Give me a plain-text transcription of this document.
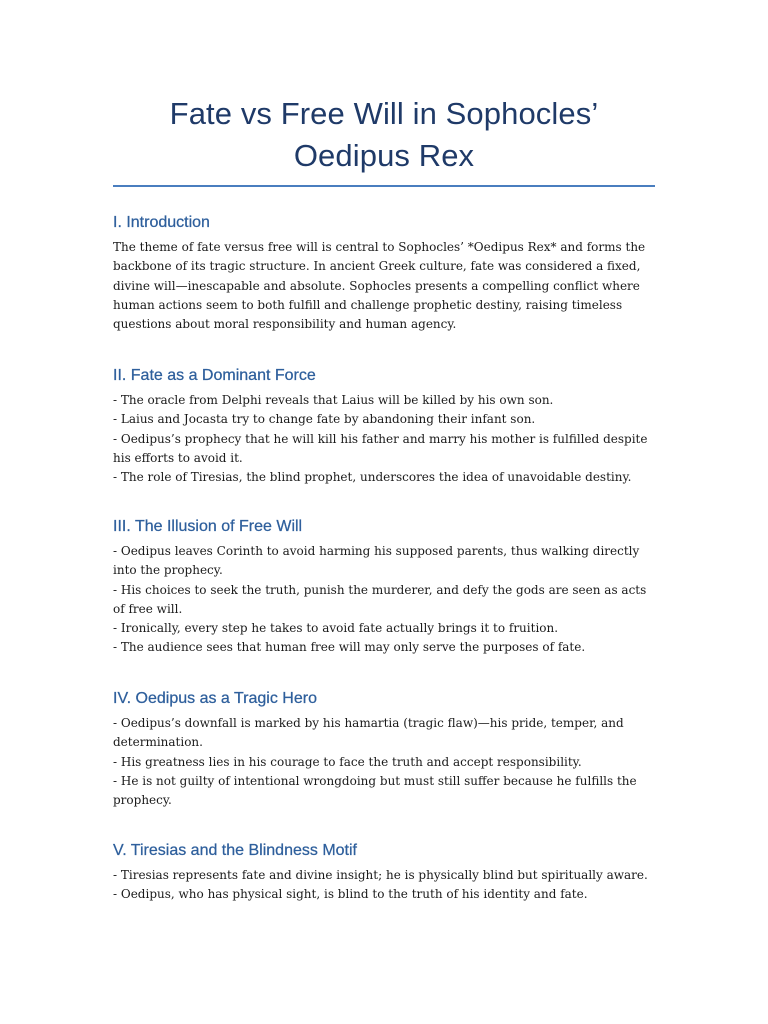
Fate vs Free Will in Sophocles’ Oedipus Rex
I. Introduction

The theme of fate versus free will is central to Sophocles’ *Oedipus Rex* and forms the backbone of its tragic structure. In ancient Greek culture, fate was considered a fixed, divine will—inescapable and absolute. Sophocles presents a compelling conflict where human actions seem to both fulfill and challenge prophetic destiny, raising timeless questions about moral responsibility and human agency.

II. Fate as a Dominant Force
- The oracle from Delphi reveals that Laius will be killed by his own son.
- Laius and Jocasta try to change fate by abandoning their infant son.
- Oedipus’s prophecy that he will kill his father and marry his mother is fulfilled despite his efforts to avoid it.
- The role of Tiresias, the blind prophet, underscores the idea of unavoidable destiny.
III. The Illusion of Free Will
- Oedipus leaves Corinth to avoid harming his supposed parents, thus walking directly into the prophecy.
- His choices to seek the truth, punish the murderer, and defy the gods are seen as acts of free will.
- Ironically, every step he takes to avoid fate actually brings it to fruition.
- The audience sees that human free will may only serve the purposes of fate.
IV. Oedipus as a Tragic Hero
- Oedipus’s downfall is marked by his hamartia (tragic flaw)—his pride, temper, and determination.
- His greatness lies in his courage to face the truth and accept responsibility.
- He is not guilty of intentional wrongdoing but must still suffer because he fulfills the prophecy.
V. Tiresias and the Blindness Motif
- Tiresias represents fate and divine insight; he is physically blind but spiritually aware.
- Oedipus, who has physical sight, is blind to the truth of his identity and fate.
